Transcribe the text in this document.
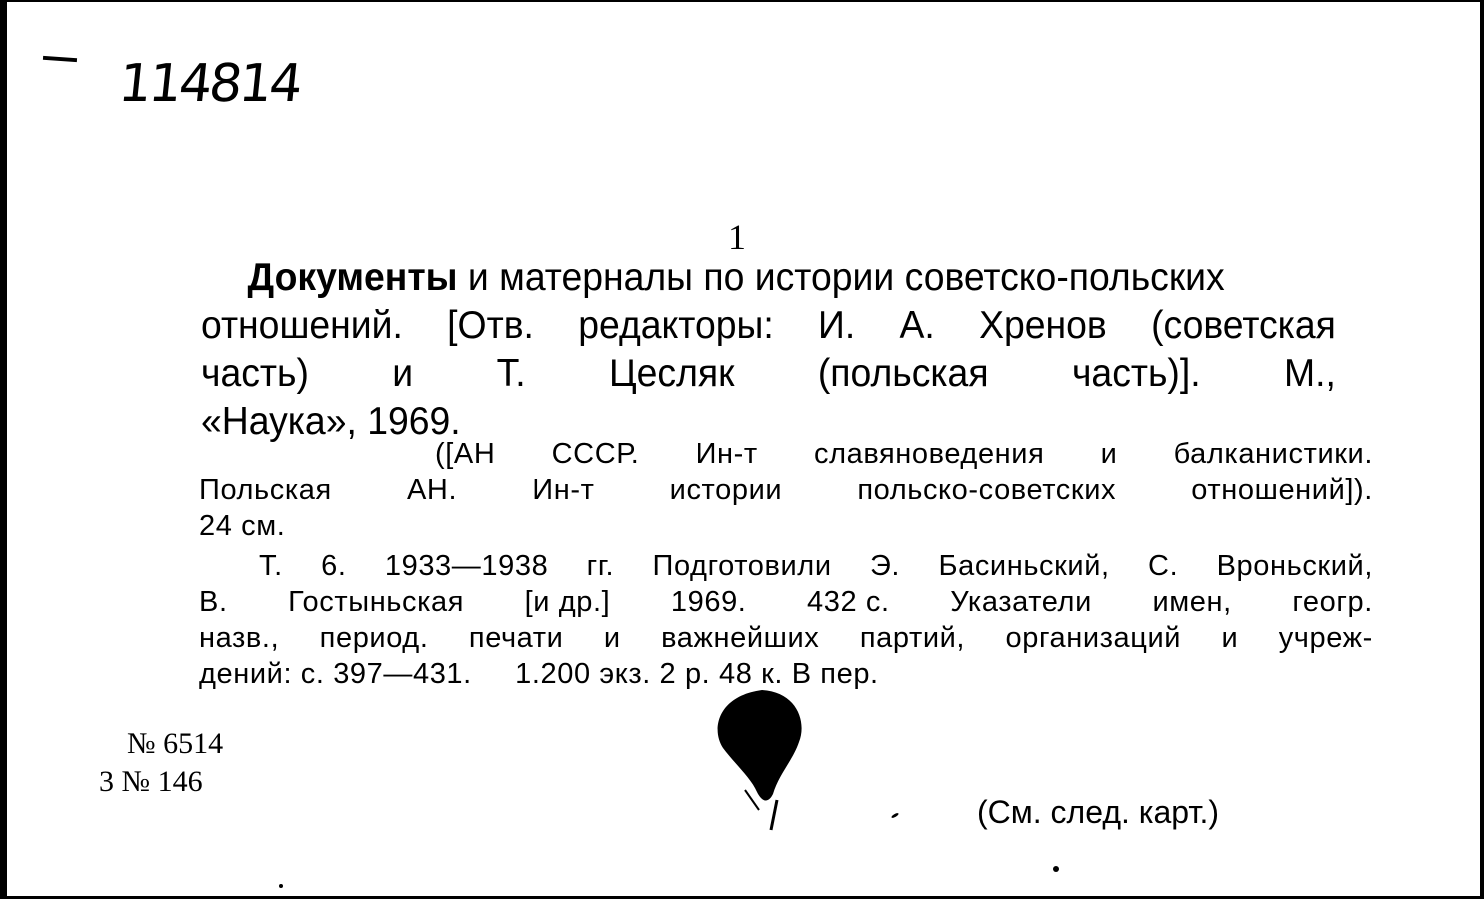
114814
1
Документы и матерналы по истории советско-польских
отношений. [Отв. редакторы: И. А. Хренов (советская
часть) и Т. Цесляк (польская часть)]. М.,
«Наука», 1969.
([АН СССР. Ин-т славяноведения и балканистики.
Польская	АН.	Ин-т	истории	польско-советских	отношений]).
24 см.
Т. 6. 1933—1938 гг. Подготовили Э. Басиньский, С. Вроньский,
В. Гостыньская [и др.] 1969. 432 с. Указатели имен, геогр.
назв., период. печати и важнейших партий, организаций и учреж-
дений: с. 397—431.     1.200 экз. 2 р. 48 к. В пер.
№ 6514
3 № 146
(См. след. карт.)
